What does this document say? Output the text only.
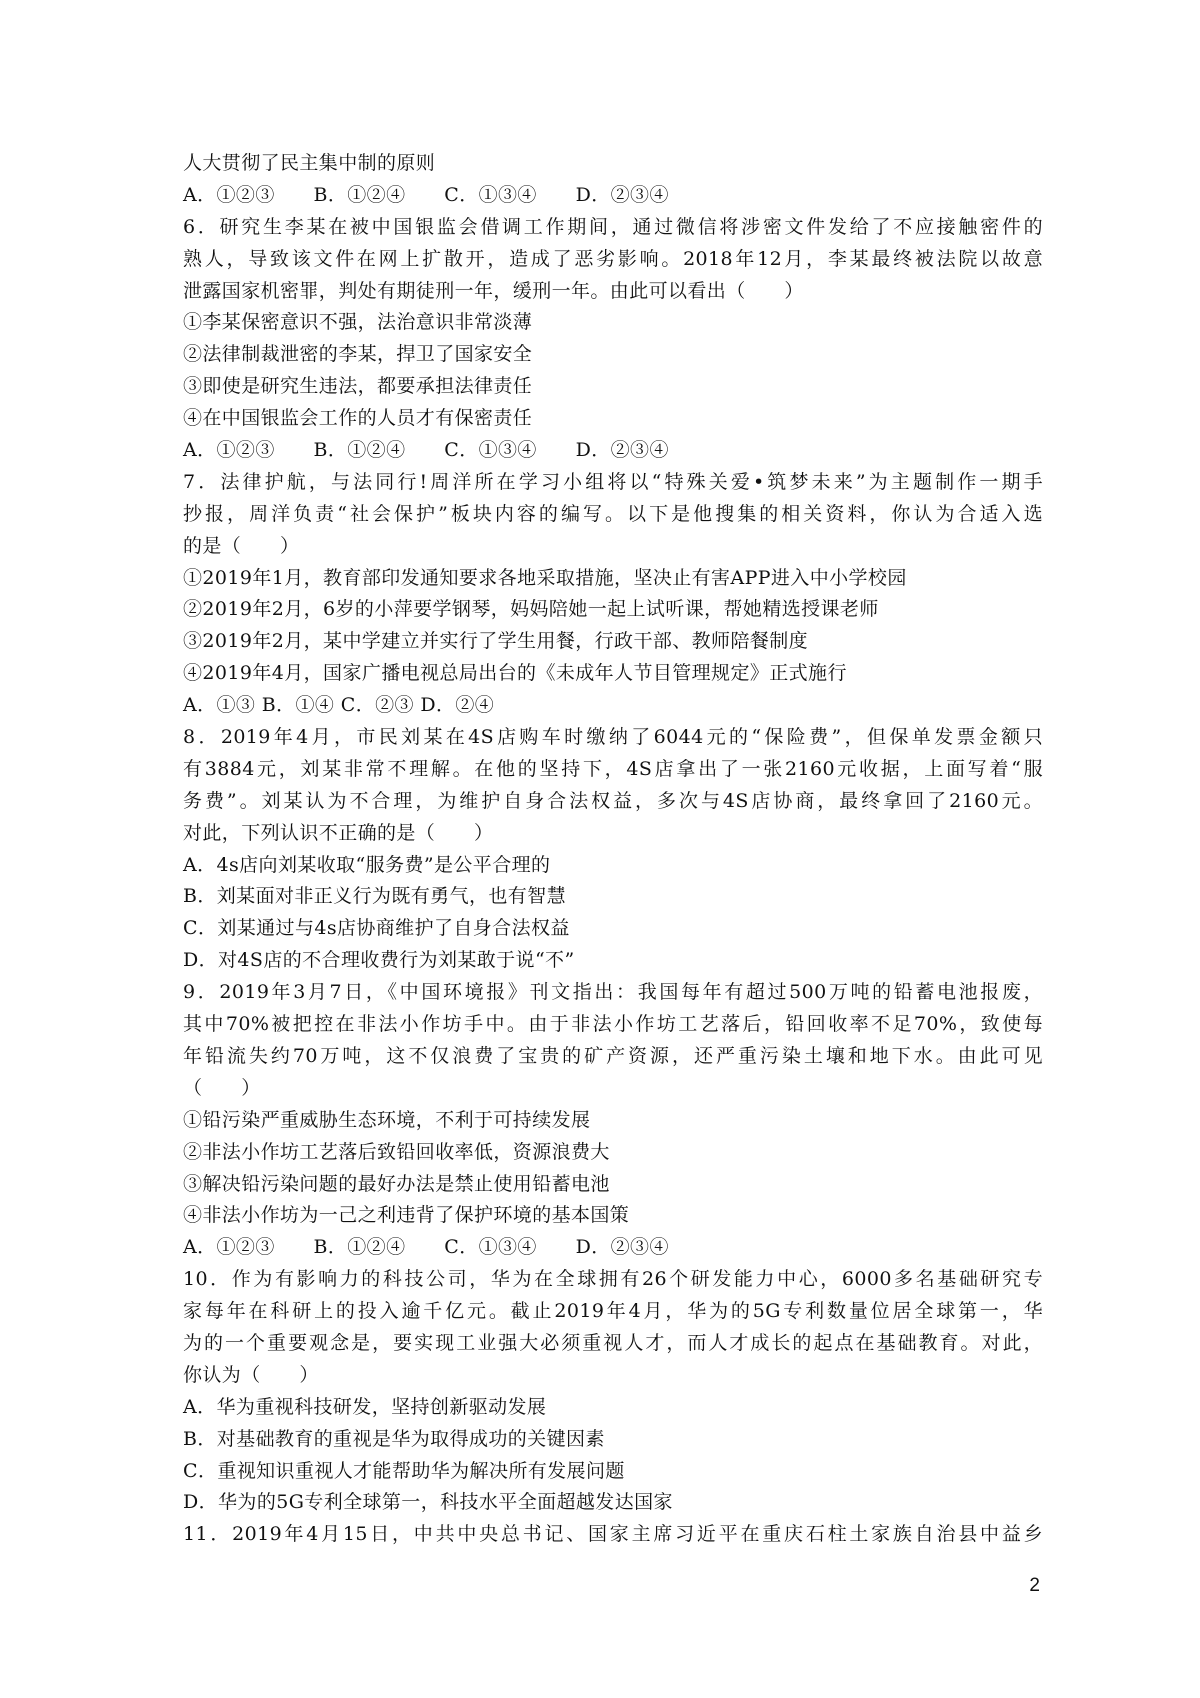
人大贯彻了民主集中制的原则
A．①②③　　B．①②④　　C．①③④　　D．②③④
6．研究生李某在被中国银监会借调工作期间，通过微信将涉密文件发给了不应接触密件的
熟人，导致该文件在网上扩散开，造成了恶劣影响。2018年12月，李某最终被法院以故意
泄露国家机密罪，判处有期徒刑一年，缓刑一年。由此可以看出（　　）
①李某保密意识不强，法治意识非常淡薄
②法律制裁泄密的李某，捍卫了国家安全
③即使是研究生违法，都要承担法律责任
④在中国银监会工作的人员才有保密责任
A．①②③　　B．①②④　　C．①③④　　D．②③④
7．法律护航，与法同行!周洋所在学习小组将以“特殊关爱•筑梦未来”为主题制作一期手
抄报，周洋负责“社会保护”板块内容的编写。以下是他搜集的相关资料，你认为合适入选
的是（　　）
①2019年1月，教育部印发通知要求各地采取措施，坚决止有害APP进入中小学校园
②2019年2月，6岁的小萍要学钢琴，妈妈陪她一起上试听课，帮她精选授课老师
③2019年2月，某中学建立并实行了学生用餐，行政干部、教师陪餐制度
④2019年4月，国家广播电视总局出台的《未成年人节目管理规定》正式施行
A．①③ B．①④ C．②③ D．②④
8．2019年4月，市民刘某在4S店购车时缴纳了6044元的“保险费”，但保单发票金额只
有3884元，刘某非常不理解。在他的坚持下，4S店拿出了一张2160元收据，上面写着“服
务费”。刘某认为不合理，为维护自身合法权益，多次与4S店协商，最终拿回了2160元。
对此，下列认识不正确的是（　　）
A．4s店向刘某收取“服务费”是公平合理的
B．刘某面对非正义行为既有勇气，也有智慧
C．刘某通过与4s店协商维护了自身合法权益
D．对4S店的不合理收费行为刘某敢于说“不”
9．2019年3月7日，《中国环境报》刊文指出：我国每年有超过500万吨的铅蓄电池报废，
其中70%被把控在非法小作坊手中。由于非法小作坊工艺落后，铅回收率不足70%，致使每
年铅流失约70万吨，这不仅浪费了宝贵的矿产资源，还严重污染土壤和地下水。由此可见
（　　）
①铅污染严重威胁生态环境，不利于可持续发展
②非法小作坊工艺落后致铅回收率低，资源浪费大
③解决铅污染问题的最好办法是禁止使用铅蓄电池
④非法小作坊为一己之利违背了保护环境的基本国策
A．①②③　　B．①②④　　C．①③④　　D．②③④
10．作为有影响力的科技公司，华为在全球拥有26个研发能力中心，6000多名基础研究专
家每年在科研上的投入逾千亿元。截止2019年4月，华为的5G专利数量位居全球第一，华
为的一个重要观念是，要实现工业强大必须重视人才，而人才成长的起点在基础教育。对此，
你认为（　　）
A．华为重视科技研发，坚持创新驱动发展
B．对基础教育的重视是华为取得成功的关键因素
C．重视知识重视人才能帮助华为解决所有发展问题
D．华为的5G专利全球第一，科技水平全面超越发达国家
11．2019年4月15日，中共中央总书记、国家主席习近平在重庆石柱土家族自治县中益乡
2
